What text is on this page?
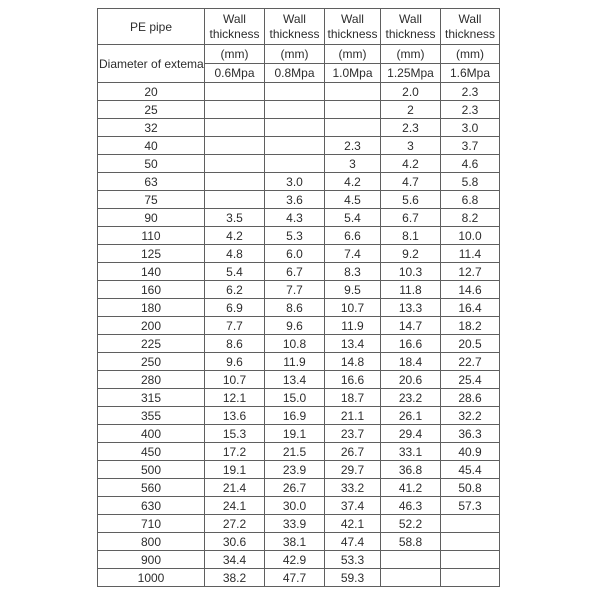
PE pipe	Wall thickness	Wall thickness	Wall thickness	Wall thickness	Wall thickness
Diameter of extema	(mm)	(mm)	(mm)	(mm)	(mm)
	0.6Mpa	0.8Mpa	1.0Mpa	1.25Mpa	1.6Mpa
20				2.0	2.3
25				2	2.3
32				2.3	3.0
40			2.3	3	3.7
50			3	4.2	4.6
63		3.0	4.2	4.7	5.8
75		3.6	4.5	5.6	6.8
90	3.5	4.3	5.4	6.7	8.2
110	4.2	5.3	6.6	8.1	10.0
125	4.8	6.0	7.4	9.2	11.4
140	5.4	6.7	8.3	10.3	12.7
160	6.2	7.7	9.5	11.8	14.6
180	6.9	8.6	10.7	13.3	16.4
200	7.7	9.6	11.9	14.7	18.2
225	8.6	10.8	13.4	16.6	20.5
250	9.6	11.9	14.8	18.4	22.7
280	10.7	13.4	16.6	20.6	25.4
315	12.1	15.0	18.7	23.2	28.6
355	13.6	16.9	21.1	26.1	32.2
400	15.3	19.1	23.7	29.4	36.3
450	17.2	21.5	26.7	33.1	40.9
500	19.1	23.9	29.7	36.8	45.4
560	21.4	26.7	33.2	41.2	50.8
630	24.1	30.0	37.4	46.3	57.3
710	27.2	33.9	42.1	52.2	
800	30.6	38.1	47.4	58.8	
900	34.4	42.9	53.3		
1000	38.2	47.7	59.3		
